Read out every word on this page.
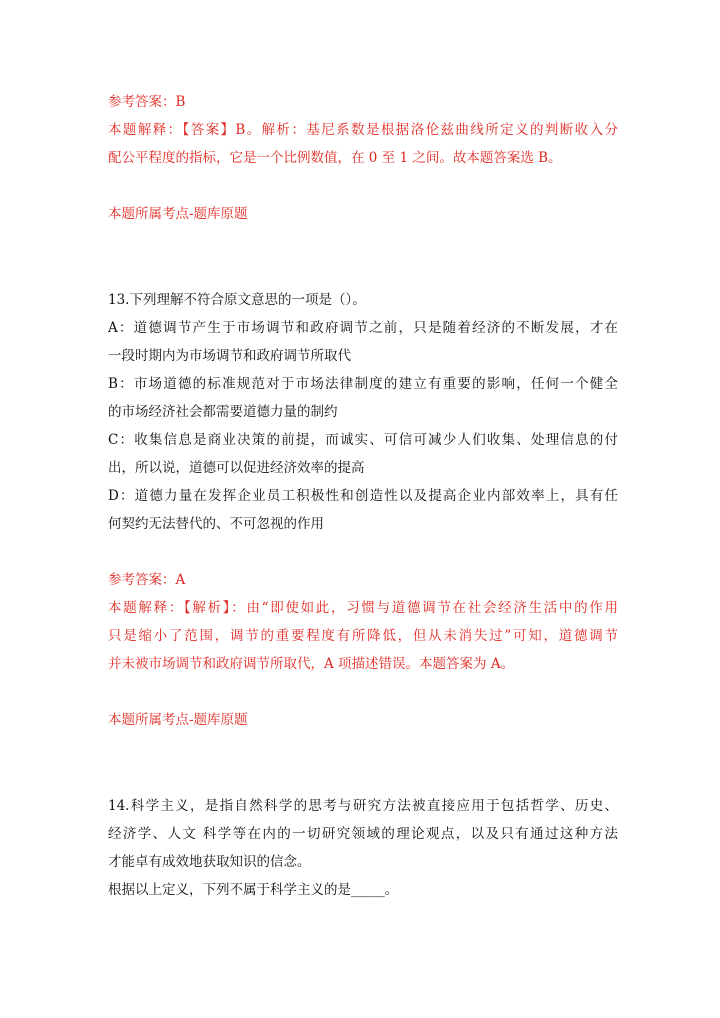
参考答案：B
本题解释：【答案】B。解析：基尼系数是根据洛伦兹曲线所定义的判断收入分
配公平程度的指标，它是一个比例数值，在 0 至 1 之间。故本题答案选 B。
本题所属考点-题库原题
13.下列理解不符合原文意思的一项是（）。
A：道德调节产生于市场调节和政府调节之前，只是随着经济的不断发展，才在
一段时期内为市场调节和政府调节所取代
B：市场道德的标准规范对于市场法律制度的建立有重要的影响，任何一个健全
的市场经济社会都需要道德力量的制约
C：收集信息是商业决策的前提，而诚实、可信可减少人们收集、处理信息的付
出，所以说，道德可以促进经济效率的提高
D：道德力量在发挥企业员工积极性和创造性以及提高企业内部效率上，具有任
何契约无法替代的、不可忽视的作用
参考答案：A
本题解释：【解析】：由“即使如此，习惯与道德调节在社会经济生活中的作用
只是缩小了范围，调节的重要程度有所降低，但从未消失过”可知，道德调节
并未被市场调节和政府调节所取代，A 项描述错误。本题答案为 A。
本题所属考点-题库原题
14.科学主义，是指自然科学的思考与研究方法被直接应用于包括哲学、历史、
经济学、人文 科学等在内的一切研究领域的理论观点，以及只有通过这种方法
才能卓有成效地获取知识的信念。
根据以上定义，下列不属于科学主义的是_____。
